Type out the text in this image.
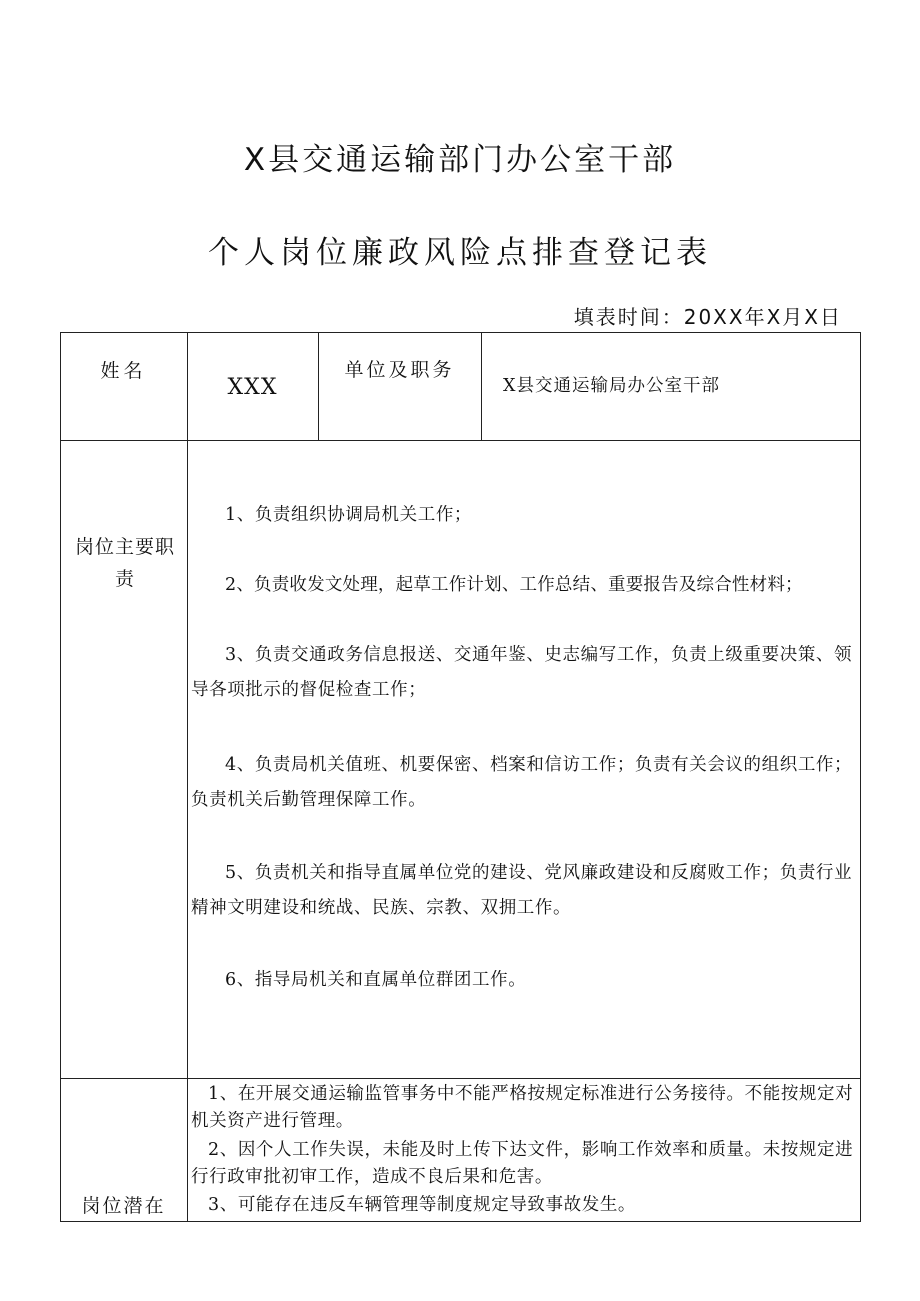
X县交通运输部门办公室干部
个人岗位廉政风险点排查登记表
填表时间：20XX年X月X日
姓名
XXX
单位及职务
X县交通运输局办公室干部
岗位主要职责

1、负责组织协调局机关工作；

2、负责收发文处理，起草工作计划、工作总结、重要报告及综合性材料；

3、负责交通政务信息报送、交通年鉴、史志编写工作，负责上级重要决策、领导各项批示的督促检查工作；

4、负责局机关值班、机要保密、档案和信访工作；负责有关会议的组织工作；负责机关后勤管理保障工作。

5、负责机关和指导直属单位党的建设、党风廉政建设和反腐败工作；负责行业精神文明建设和统战、民族、宗教、双拥工作。

6、指导局机关和直属单位群团工作。

岗位潜在

1、在开展交通运输监管事务中不能严格按规定标准进行公务接待。不能按规定对机关资产进行管理。

2、因个人工作失误，未能及时上传下达文件，影响工作效率和质量。未按规定进行行政审批初审工作，造成不良后果和危害。

3、可能存在违反车辆管理等制度规定导致事故发生。
